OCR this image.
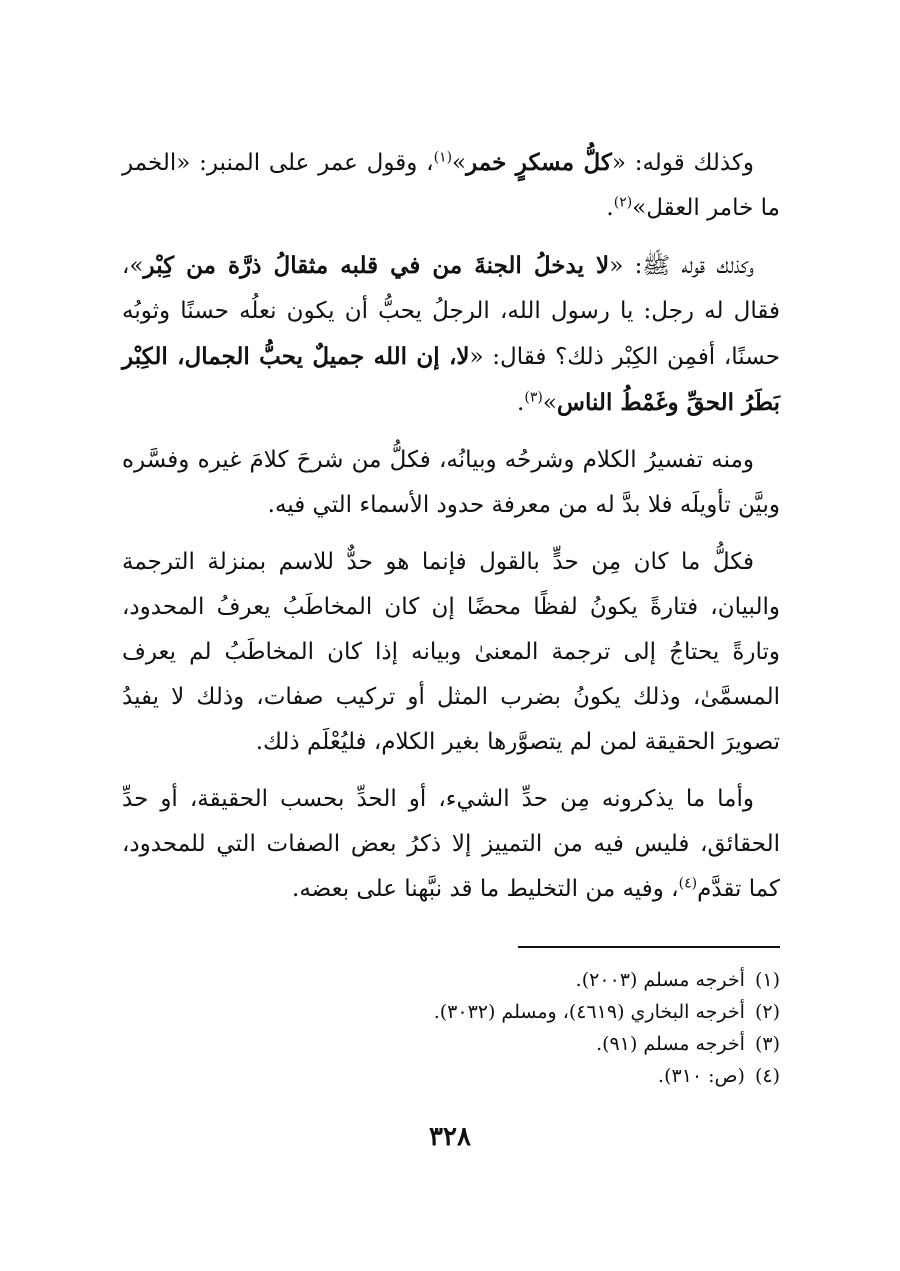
وكذلك قوله: «كلُّ مسكرٍ خمر»$^{(١)}$، وقول عمر على المنبر: «الخمر ما خامر العقل»$^{(٢)}$.
وكذلك قوله ﷺ: «لا يدخلُ الجنةَ من في قلبه مثقالُ ذرَّة من كِبْر»، فقال له رجل: يا رسول الله، الرجلُ يحبُّ أن يكون نعلُه حسنًا وثوبُه حسنًا، أفمِن الكِبْر ذلك؟ فقال: «لا، إن الله جميلٌ يحبُّ الجمال، الكِبْر بَطَرُ الحقِّ وغَمْطُ الناس»$^{(٣)}$.
ومنه تفسيرُ الكلام وشرحُه وبيانُه، فكلُّ من شرحَ كلامَ غيره وفسَّره وبيَّن تأويلَه فلا بدَّ له من معرفة حدود الأسماء التي فيه.
فكلُّ ما كان مِن حدٍّ بالقول فإنما هو حدٌّ للاسم بمنزلة الترجمة والبيان، فتارةً يكونُ لفظًا محضًا إن كان المخاطَبُ يعرفُ المحدود، وتارةً يحتاجُ إلى ترجمة المعنىٰ وبيانه إذا كان المخاطَبُ لم يعرف المسمَّىٰ، وذلك يكونُ بضرب المثل أو تركيب صفات، وذلك لا يفيدُ تصويرَ الحقيقة لمن لم يتصوَّرها بغير الكلام، فليُعْلَم ذلك.
وأما ما يذكرونه مِن حدِّ الشيء، أو الحدِّ بحسب الحقيقة، أو حدِّ الحقائق، فليس فيه من التمييز إلا ذكرُ بعض الصفات التي للمحدود، كما تقدَّم$^{(٤)}$، وفيه من التخليط ما قد نبَّهنا على بعضه.
(١)أخرجه مسلم (٢٠٠٣).
(٢)أخرجه البخاري (٤٦١٩)، ومسلم (٣٠٣٢).
(٣)أخرجه مسلم (٩١).
(٤)(ص: ٣١٠).
٣٢٨
